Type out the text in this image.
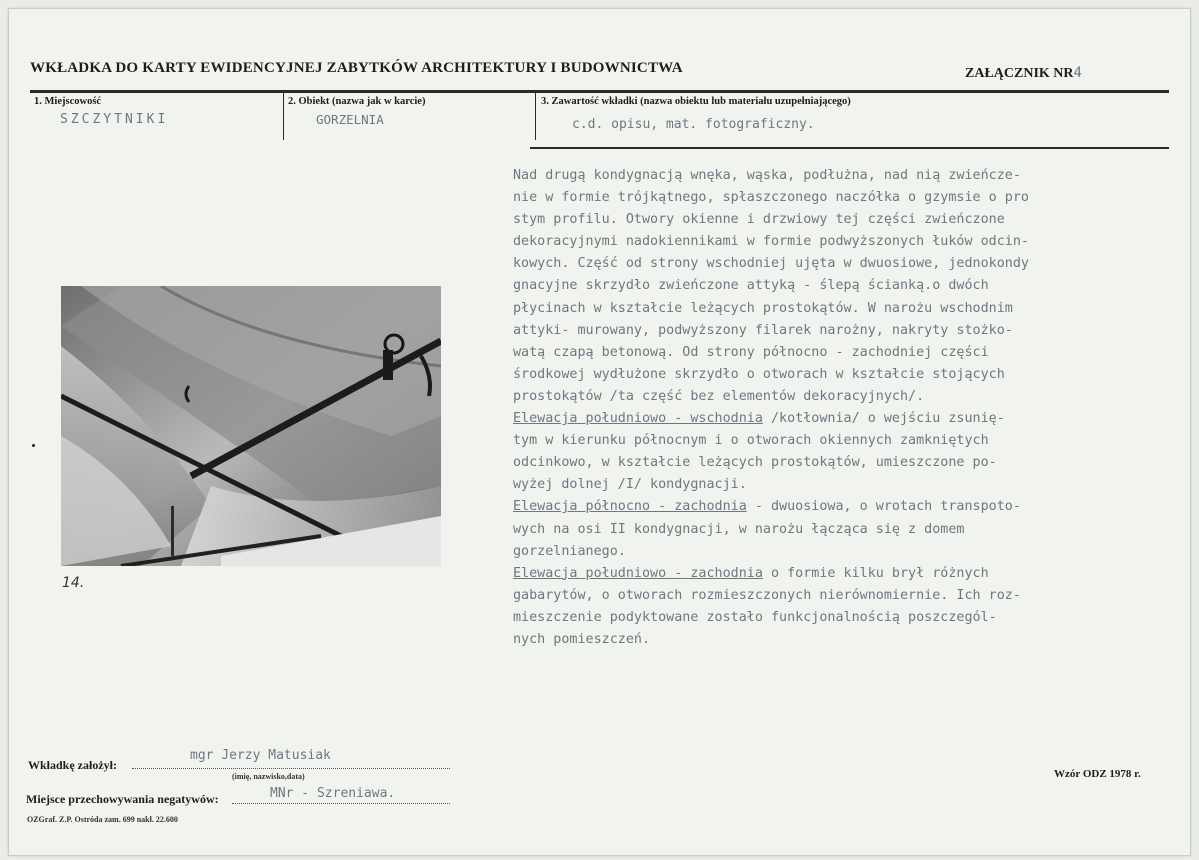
WKŁADKA DO KARTY EWIDENCYJNEJ ZABYTKÓW ARCHITEKTURY I BUDOWNICTWA	ZAŁĄCZNIK NR4
1. Miejscowość
SZCZYTNIKI
2. Obiekt (nazwa jak w karcie)
GORZELNIA
3. Zawartość wkładki (nazwa obiektu lub materiału uzupełniającego)
c.d. opisu, mat. fotograficzny.
Nad drugą kondygnacją wnęka, wąska, podłużna, nad nią zwieńcze-
nie w formie trójkątnego, spłaszczonego naczółka o gzymsie o pro
stym profilu. Otwory okienne i drzwiowy tej części zwieńczone
dekoracyjnymi nadokiennikami w formie podwyższonych łuków odcin-
kowych. Część od strony wschodniej ujęta w dwuosiowe, jednokondy
gnacyjne skrzydło zwieńczone attyką - ślepą ścianką.o dwóch
płycinach w kształcie leżących prostokątów. W narożu wschodnim
attyki- murowany, podwyższony filarek narożny, nakryty stożko-
watą czapą betonową. Od strony północno - zachodniej części
środkowej wydłużone skrzydło o otworach w kształcie stojących
prostokątów /ta część bez elementów dekoracyjnych/.
Elewacja południowo - wschodnia /kotłownia/ o wejściu zsunię-
tym w kierunku północnym i o otworach okiennych zamkniętych
odcinkowo, w kształcie leżących prostokątów, umieszczone po-
wyżej dolnej /I/ kondygnacji.
Elewacja północno - zachodnia - dwuosiowa, o wrotach transpoto-
wych na osi II kondygnacji, w narożu łącząca się z domem
gorzelnianego.
Elewacja południowo - zachodnia o formie kilku brył różnych
gabarytów, o otworach rozmieszczonych nierównomiernie. Ich roz-
mieszczenie podyktowane zostało funkcjonalnością poszczegól-
nych pomieszczeń.
14.
Wkładkę założył:
mgr Jerzy Matusiak
(imię, nazwisko,data)
Miejsce przechowywania negatywów:	MNr - Szreniawa.
Wzór ODZ 1978 r.
OZGraf. Z.P. Ostróda zam. 699 nakł. 22.600
